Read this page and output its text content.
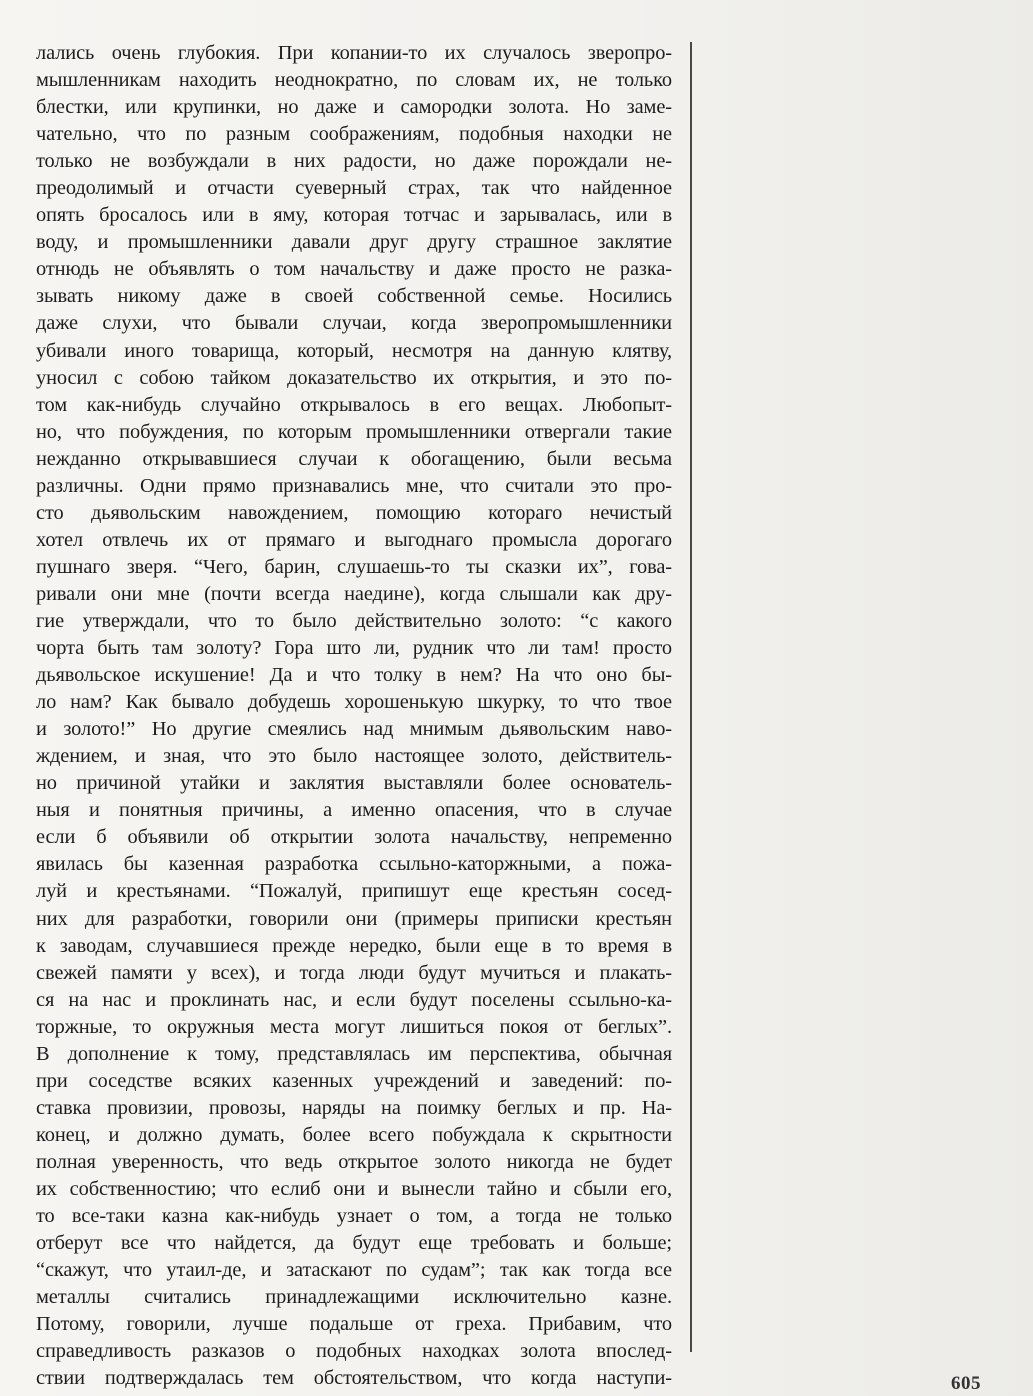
лались очень глубокия. При копании-то их случалось зверопро-
мышленникам находить неоднократно, по словам их, не только
блестки, или крупинки, но даже и самородки золота. Но заме-
чательно, что по разным соображениям, подобныя находки не
только не возбуждали в них радости, но даже порождали не-
преодолимый и отчасти суеверный страх, так что найденное
опять бросалось или в яму, которая тотчас и зарывалась, или в
воду, и промышленники давали друг другу страшное заклятие
отнюдь не объявлять о том начальству и даже просто не разка-
зывать никому даже в своей собственной семье. Носились
даже слухи, что бывали случаи, когда зверопромышленники
убивали иного товарища, который, несмотря на данную клятву,
уносил с собою тайком доказательство их открытия, и это по-
том как-нибудь случайно открывалось в его вещах. Любопыт-
но, что побуждения, по которым промышленники отвергали такие
нежданно открывавшиеся случаи к обогащению, были весьма
различны. Одни прямо признавались мне, что считали это про-
сто дьявольским навождением, помощию котораго нечистый
хотел отвлечь их от прямаго и выгоднаго промысла дорогаго
пушнаго зверя. “Чего, барин, слушаешь-то ты сказки их”, гова-
ривали они мне (почти всегда наедине), когда слышали как дру-
гие утверждали, что то было действительно золото: “с какого
чорта быть там золоту? Гора што ли, рудник что ли там! просто
дьявольское искушение! Да и что толку в нем? На что оно бы-
ло нам? Как бывало добудешь хорошенькую шкурку, то что твое
и золото!” Но другие смеялись над мнимым дьявольским наво-
ждением, и зная, что это было настоящее золото, действитель-
но причиной утайки и заклятия выставляли более основатель-
ныя и понятныя причины, а именно опасения, что в случае
если б объявили об открытии золота начальству, непременно
явилась бы казенная разработка ссыльно-каторжными, а пожа-
луй и крестьянами. “Пожалуй, припишут еще крестьян сосед-
них для разработки, говорили они (примеры приписки крестьян
к заводам, случавшиеся прежде нередко, были еще в то время в
свежей памяти у всех), и тогда люди будут мучиться и плакать-
ся на нас и проклинать нас, и если будут поселены ссыльно-ка-
торжные, то окружныя места могут лишиться покоя от беглых”.
В дополнение к тому, представлялась им перспектива, обычная
при соседстве всяких казенных учреждений и заведений: по-
ставка провизии, провозы, наряды на поимку беглых и пр. На-
конец, и должно думать, более всего побуждала к скрытности
полная уверенность, что ведь открытое золото никогда не будет
их собственностию; что еслиб они и вынесли тайно и сбыли его,
то все-таки казна как-нибудь узнает о том, а тогда не только
отберут все что найдется, да будут еще требовать и больше;
“скажут, что утаил-де, и затаскают по судам”; так как тогда все
металлы считались принадлежащими исключительно казне.
Потому, говорили, лучше подальше от греха. Прибавим, что
справедливость разказов о подобных находках золота впослед-
ствии подтверждалась тем обстоятельством, что когда наступи-	605
